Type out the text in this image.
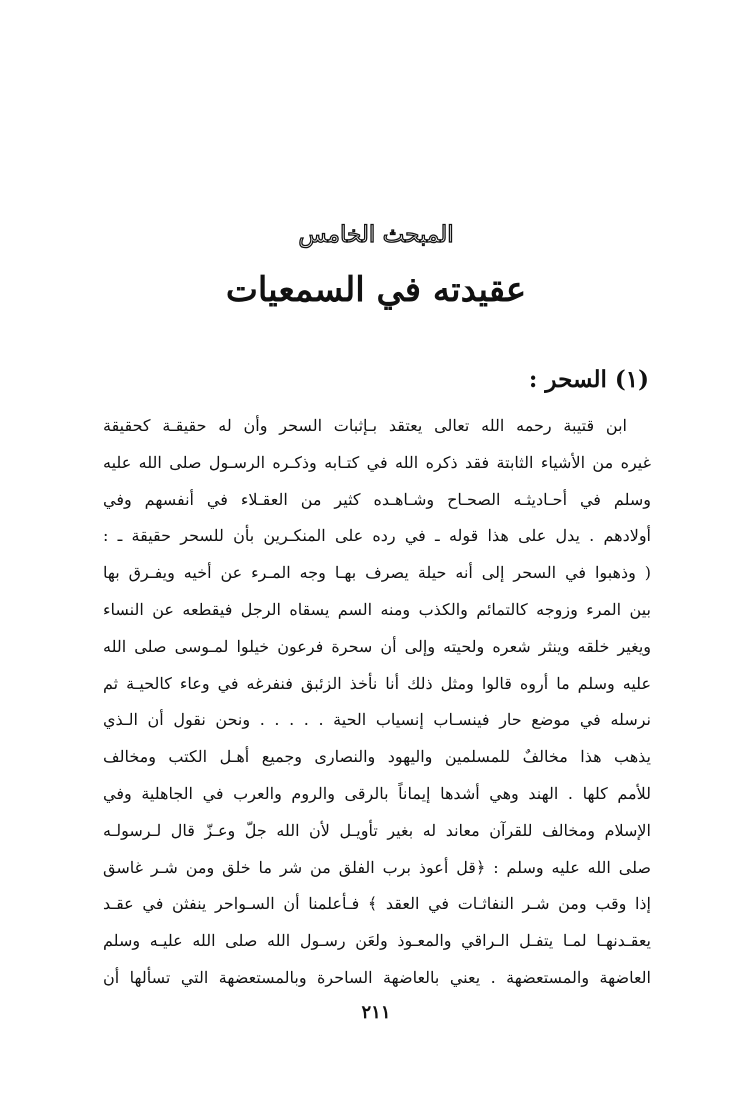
المبحث الخامس
عقيدته في السمعيات
(١) السحر :
ابن قتيبة رحمه الله تعالى يعتقد بـإثبات السحر وأن له حقيقـة كحقيقة
غيره من الأشياء الثابتة فقد ذكره الله في كتـابه وذكـره الرسـول صلى الله عليه
وسلم في أحـاديثـه الصحـاح وشـاهـده كثير من العقـلاء في أنفسهم وفي
أولادهم . يدل على هذا قوله ـ في رده على المنكـرين بأن للسحر حقيقة ـ :
( وذهبوا في السحر إلى أنه حيلة يصرف بهـا وجه المـرء عن أخيه ويفـرق بها
بين المرء وزوجه كالتمائم والكذب ومنه السم يسقاه الرجل فيقطعه عن النساء
ويغير خلقه وينثر شعره ولحيته وإلى أن سحرة فرعون خيلوا لمـوسى صلى الله
عليه وسلم ما أروه قالوا ومثل ذلك أنا نأخذ الزئبق فنفرغه في وعاء كالحيـة ثم
نرسله في موضع حار فينسـاب إنسياب الحية . . . . . ونحن نقول أن الـذي
يذهب هذا مخالفٌ للمسلمين واليهود والنصارى وجميع أهـل الكتب ومخالف
للأمم كلها . الهند وهي أشدها إيماناً بالرقى والروم والعرب في الجاهلية وفي
الإسلام ومخالف للقرآن معاند له بغير تأويـل لأن الله جلّ وعـزّ قال لـرسولـه
صلى الله عليه وسلم : ﴿قل أعوذ برب الفلق من شر ما خلق ومن شـر غاسق
إذا وقب ومن شـر النفاثـات في العقد ﴾ فـأعلمنا أن السـواحر ينفثن في عقـد
يعقـدنهـا لمـا يتفـل الـراقي والمعـوذ ولعَن رسـول الله صلى الله عليـه وسلم
العاضهة والمستعضهة . يعني بالعاضهة الساحرة وبالمستعضهة التي تسألها أن
٢١١
